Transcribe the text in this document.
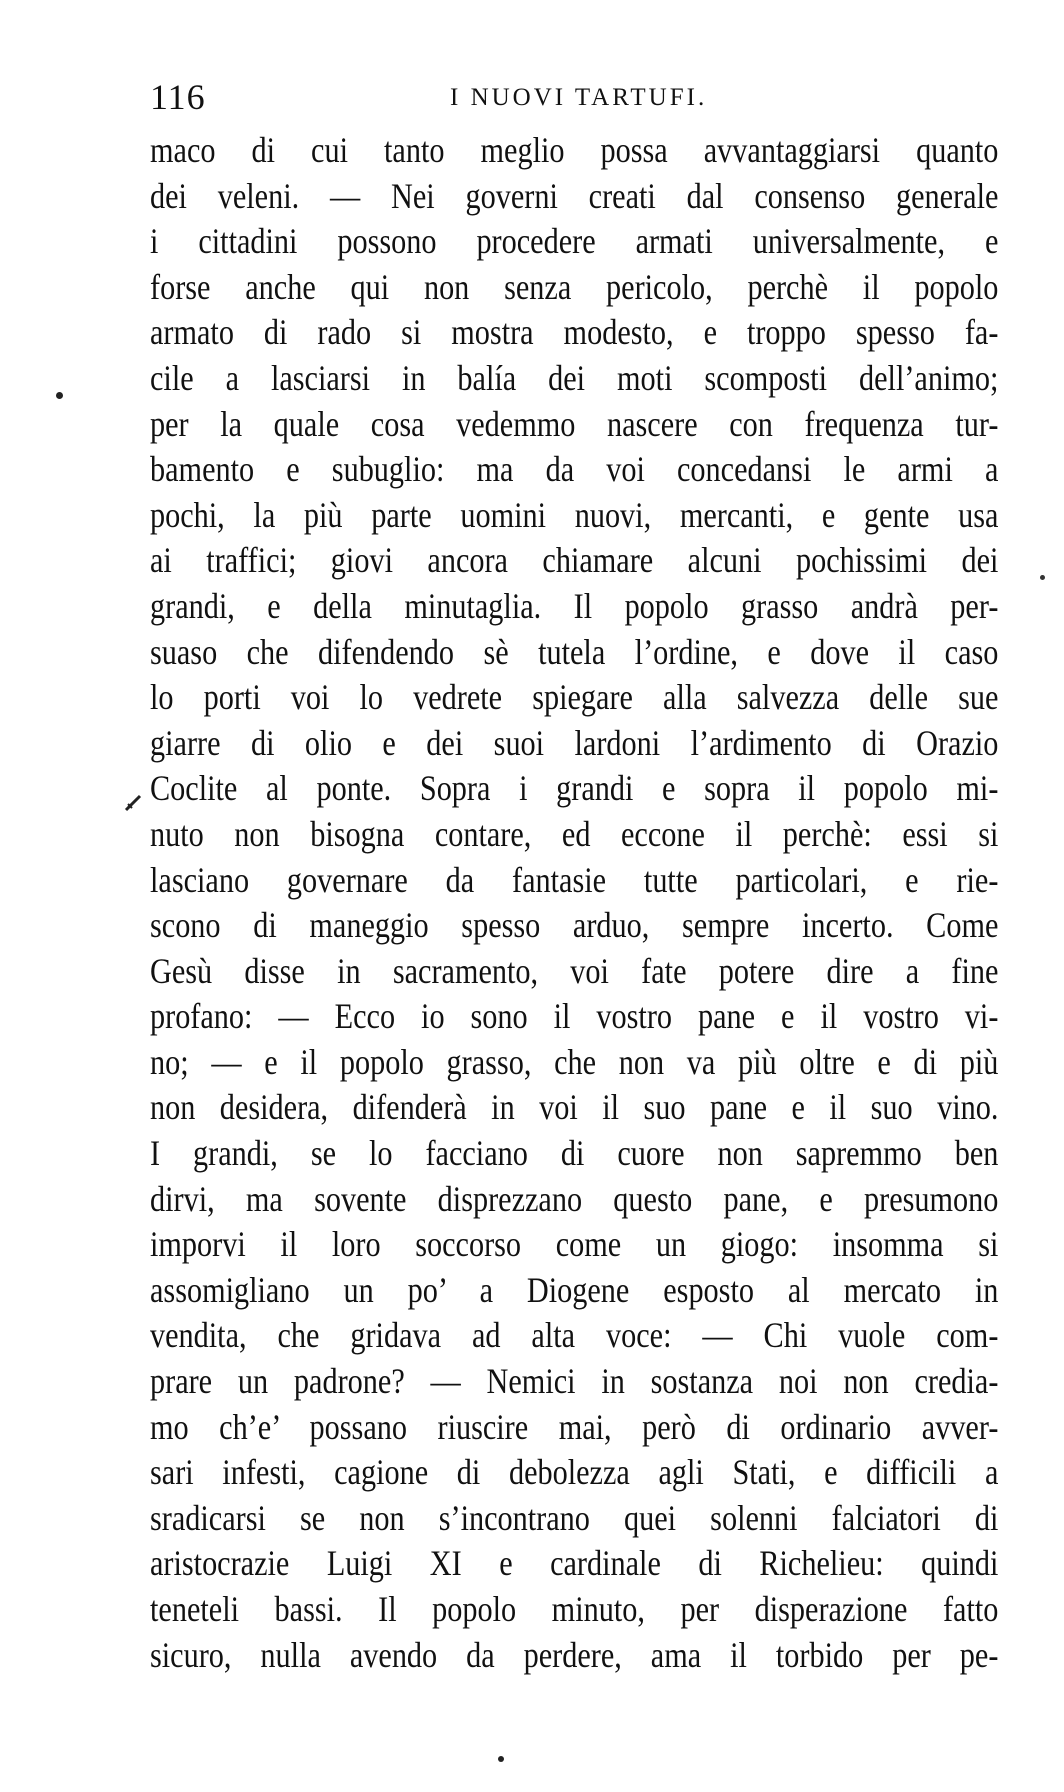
116	I NUOVI TARTUFI.
maco di cui tanto meglio possa avvantaggiarsi quanto
dei veleni. — Nei governi creati dal consenso generale
i cittadini possono procedere armati universalmente, e
forse anche qui non senza pericolo, perchè il popolo
armato di rado si mostra modesto, e troppo spesso fa-
cile a lasciarsi in balía dei moti scomposti dell’animo;
per la quale cosa vedemmo nascere con frequenza tur-
bamento e subuglio: ma da voi concedansi le armi a
pochi, la più parte uomini nuovi, mercanti, e gente usa
ai traffici; giovi ancora chiamare alcuni pochissimi dei
grandi, e della minutaglia. Il popolo grasso andrà per-
suaso che difendendo sè tutela l’ordine, e dove il caso
lo porti voi lo vedrete spiegare alla salvezza delle sue
giarre di olio e dei suoi lardoni l’ardimento di Orazio
Coclite al ponte. Sopra i grandi e sopra il popolo mi-
nuto non bisogna contare, ed eccone il perchè: essi si
lasciano governare da fantasie tutte particolari, e rie-
scono di maneggio spesso arduo, sempre incerto. Come
Gesù disse in sacramento, voi fate potere dire a fine
profano: — Ecco io sono il vostro pane e il vostro vi-
no; — e il popolo grasso, che non va più oltre e di più
non desidera, difenderà in voi il suo pane e il suo vino.
I grandi, se lo facciano di cuore non sapremmo ben
dirvi, ma sovente disprezzano questo pane, e presumono
imporvi il loro soccorso come un giogo: insomma si
assomigliano un po’ a Diogene esposto al mercato in
vendita, che gridava ad alta voce: — Chi vuole com-
prare un padrone? — Nemici in sostanza noi non credia-
mo ch’e’ possano riuscire mai, però di ordinario avver-
sari infesti, cagione di debolezza agli Stati, e difficili a
sradicarsi se non s’incontrano quei solenni falciatori di
aristocrazie Luigi XI e cardinale di Richelieu: quindi
teneteli bassi. Il popolo minuto, per disperazione fatto
sicuro, nulla avendo da perdere, ama il torbido per pe-
